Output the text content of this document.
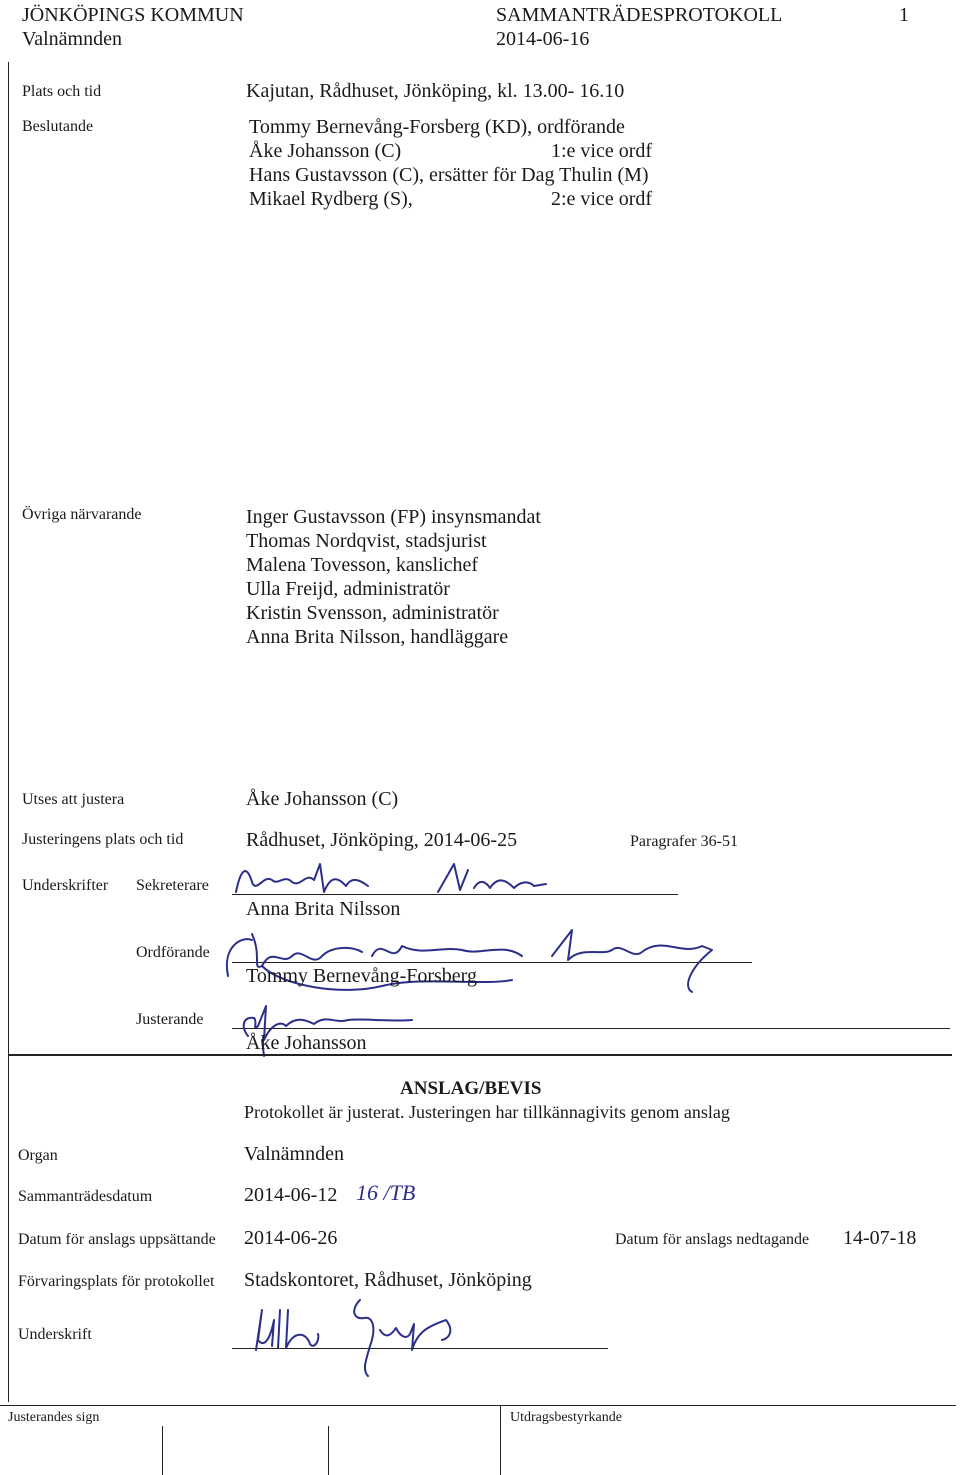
JÖNKÖPINGS KOMMUN
Valnämnden
SAMMANTRÄDESPROTOKOLL
2014-06-16
1
Plats och tid	Kajutan, Rådhuset, Jönköping, kl. 13.00- 16.10
Beslutande	Tommy Bernevång-Forsberg (KD), ordförande
Åke Johansson (C)	1:e vice ordf
Hans Gustavsson (C), ersätter för Dag Thulin (M)
Mikael Rydberg (S),	2:e vice ordf
Övriga närvarande	Inger Gustavsson (FP) insynsmandat
Thomas Nordqvist, stadsjurist
Malena Tovesson, kanslichef
Ulla Freijd, administratör
Kristin Svensson, administratör
Anna Brita Nilsson, handläggare
Utses att justera	Åke Johansson (C)
Justeringens plats och tid	Rådhuset, Jönköping, 2014-06-25	Paragrafer 36-51
Underskrifter Sekreterare
Anna Brita Nilsson
Ordförande
Tommy Bernevång-Forsberg
Justerande
Åke Johansson
ANSLAG/BEVIS
Protokollet är justerat. Justeringen har tillkännagivits genom anslag
Organ	Valnämnden
Sammanträdesdatum	2014-06-12 16 /TB
Datum för anslags uppsättande 2014-06-26	Datum för anslags nedtagande 14-07-18
Förvaringsplats för protokollet Stadskontoret, Rådhuset, Jönköping
Underskrift
Justerandes sign	Utdragsbestyrkande
